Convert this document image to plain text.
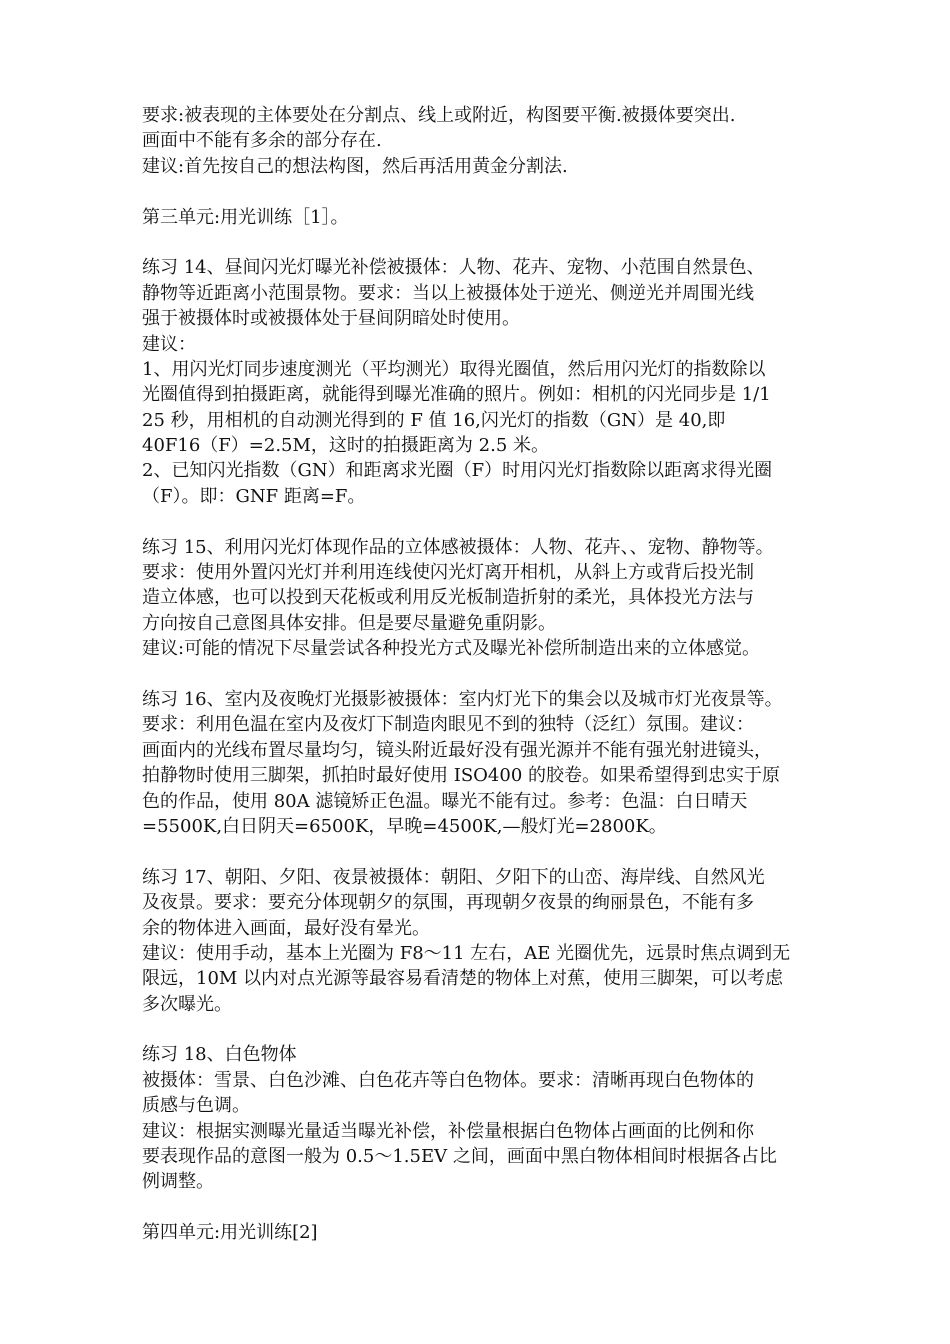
要求:被表现的主体要处在分割点、线上或附近，构图要平衡.被摄体要突出.
画面中不能有多余的部分存在.
建议:首先按自己的想法构图，然后再活用黄金分割法.
第三单元:用光训练［1］。
练习 14、昼间闪光灯曝光补偿被摄体：人物、花卉、宠物、小范围自然景色、
静物等近距离小范围景物。要求：当以上被摄体处于逆光、侧逆光并周围光线
强于被摄体时或被摄体处于昼间阴暗处时使用。
建议：
1、用闪光灯同步速度测光（平均测光）取得光圈值，然后用闪光灯的指数除以
光圈值得到拍摄距离，就能得到曝光准确的照片。例如：相机的闪光同步是 1/1
25 秒，用相机的自动测光得到的 F 值 16,闪光灯的指数（GN）是 40,即
40F16（F）=2.5M，这时的拍摄距离为 2.5 米。
2、已知闪光指数（GN）和距离求光圈（F）时用闪光灯指数除以距离求得光圈
（F）。即：GNF 距离=F。
练习 15、利用闪光灯体现作品的立体感被摄体：人物、花卉、、宠物、静物等。
要求：使用外置闪光灯并利用连线使闪光灯离开相机，从斜上方或背后投光制
造立体感，也可以投到天花板或利用反光板制造折射的柔光，具体投光方法与
方向按自己意图具体安排。但是要尽量避免重阴影。
建议:可能的情况下尽量尝试各种投光方式及曝光补偿所制造出来的立体感觉。
练习 16、室内及夜晚灯光摄影被摄体：室内灯光下的集会以及城市灯光夜景等。
要求：利用色温在室内及夜灯下制造肉眼见不到的独特（泛红）氛围。建议：
画面内的光线布置尽量均匀，镜头附近最好没有强光源并不能有强光射进镜头，
拍静物时使用三脚架，抓拍时最好使用 ISO400 的胶卷。如果希望得到忠实于原
色的作品，使用 80A 滤镜矫正色温。曝光不能有过。参考：色温：白日晴天
=5500K,白日阴天=6500K，早晚=4500K,—般灯光=2800K。
练习 17、朝阳、夕阳、夜景被摄体：朝阳、夕阳下的山峦、海岸线、自然风光
及夜景。要求：要充分体现朝夕的氛围，再现朝夕夜景的绚丽景色，不能有多
余的物体进入画面，最好没有晕光。
建议：使用手动，基本上光圈为 F8～11 左右，AE 光圈优先，远景时焦点调到无
限远，10M 以内对点光源等最容易看清楚的物体上对蕉，使用三脚架，可以考虑
多次曝光。
练习 18、白色物体
被摄体：雪景、白色沙滩、白色花卉等白色物体。要求：清晰再现白色物体的
质感与色调。
建议：根据实测曝光量适当曝光补偿，补偿量根据白色物体占画面的比例和你
要表现作品的意图一般为 0.5～1.5EV 之间，画面中黑白物体相间时根据各占比
例调整。
第四单元:用光训练[2]
